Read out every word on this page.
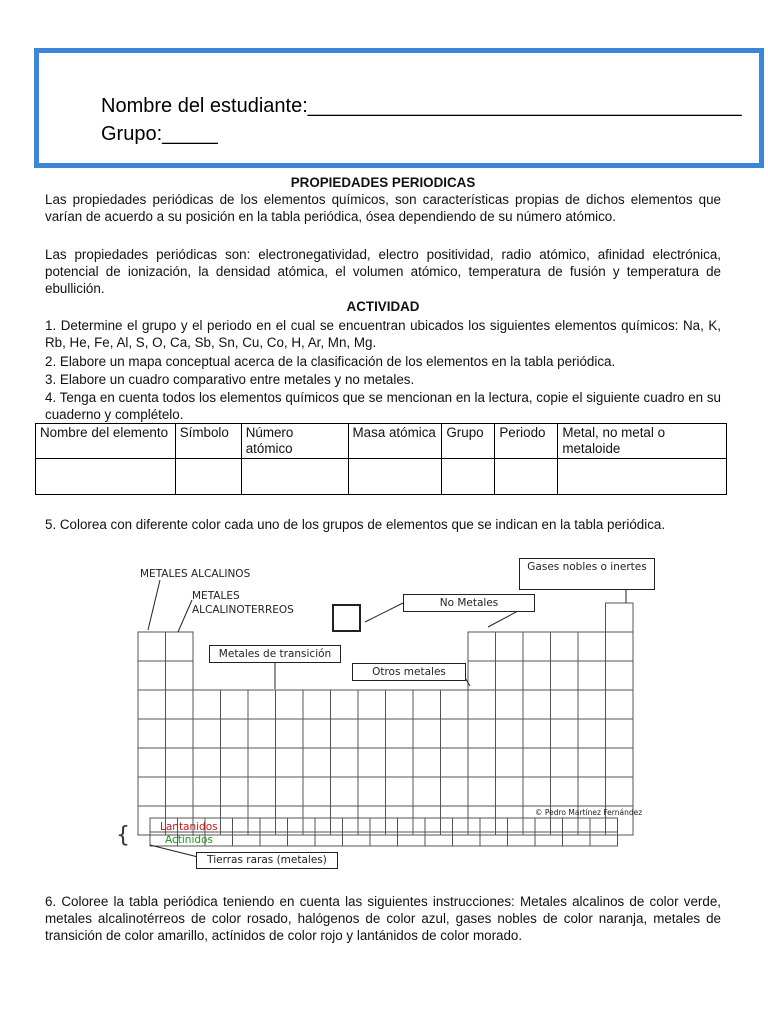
Nombre del estudiante:_______________________________________
Grupo:_____
PROPIEDADES PERIODICAS
Las propiedades periódicas de los elementos químicos, son características propias de dichos elementos que varían de acuerdo a su posición en la tabla periódica, ósea dependiendo de su número atómico.
Las propiedades periódicas son: electronegatividad, electro positividad, radio atómico, afinidad electrónica, potencial de ionización, la densidad atómica, el volumen atómico, temperatura de fusión y temperatura de ebullición.
ACTIVIDAD
1. Determine el grupo y el periodo en el cual se encuentran ubicados los siguientes elementos químicos: Na, K, Rb, He, Fe, Al, S, O, Ca, Sb, Sn, Cu, Co, H, Ar, Mn, Mg.
2. Elabore un mapa conceptual acerca de la clasificación de los elementos en la tabla periódica.
3. Elabore un cuadro comparativo entre metales y no metales.
4. Tenga en cuenta todos los elementos químicos que se mencionan en la lectura, copie el siguiente cuadro en su cuaderno y complételo.
Nombre del elemento	Símbolo	Número atómico	Masa atómica	Grupo	Periodo	Metal, no metal o metaloide

5. Colorea con diferente color cada uno de los grupos de elementos que se indican en la tabla periódica.
METALES ALCALINOS
METALES
ALCALINOTERREOS
Gases nobles o inertes
No Metales
Metales de transición
Otros metales
© Pedro Martínez Fernández
Lantanidos
Actinidos
{
Tierras raras (metales)
6. Coloree la tabla periódica teniendo en cuenta las siguientes instrucciones: Metales alcalinos de color verde, metales alcalinotérreos de color rosado, halógenos de color azul, gases nobles de color naranja, metales de transición de color amarillo, actínidos de color rojo y lantánidos de color morado.
